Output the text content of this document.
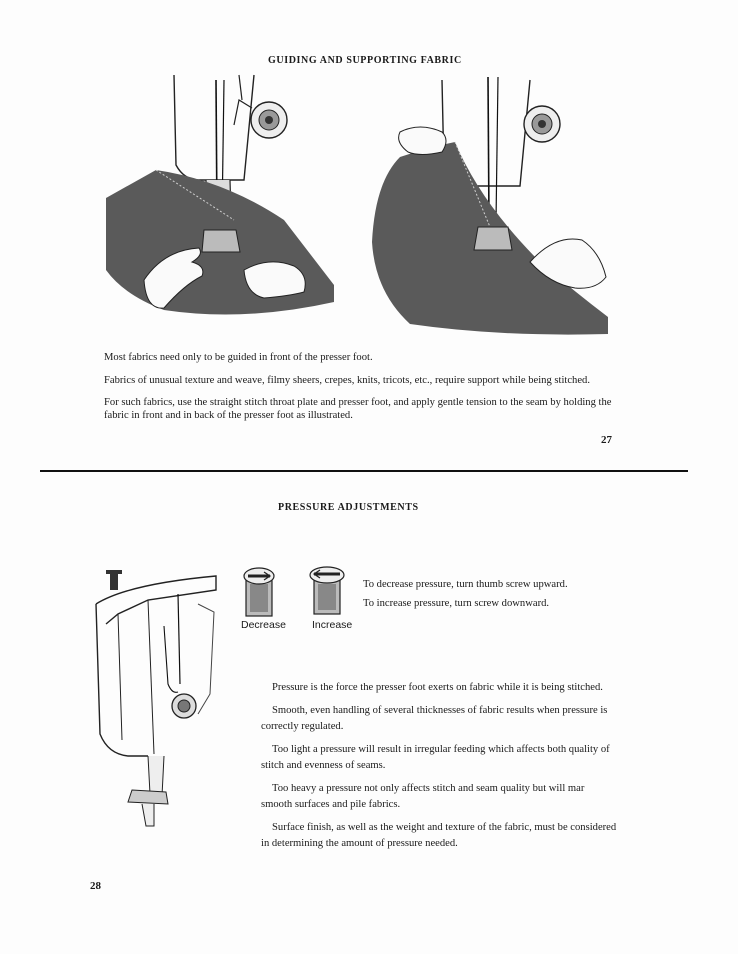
GUIDING AND SUPPORTING FABRIC

Most fabrics need only to be guided in front of the presser foot.

Fabrics of unusual texture and weave, filmy sheers, crepes, knits, tricots, etc., require support while being stitched.

For such fabrics, use the straight stitch throat plate and presser foot, and apply gentle tension to the seam by holding the fabric in front and in back of the presser foot as illustrated.

27
PRESSURE ADJUSTMENTS
Decrease Increase

To decrease pressure, turn thumb screw upward.

To increase pressure, turn screw downward.

Pressure is the force the presser foot exerts on fabric while it is being stitched.

Smooth, even handling of several thicknesses of fabric results when pressure is correctly regulated.

Too light a pressure will result in irregular feeding which affects both quality of stitch and evenness of seams.

Too heavy a pressure not only affects stitch and seam quality but will mar smooth surfaces and pile fabrics.

Surface finish, as well as the weight and texture of the fabric, must be considered in determining the amount of pressure needed.

28
